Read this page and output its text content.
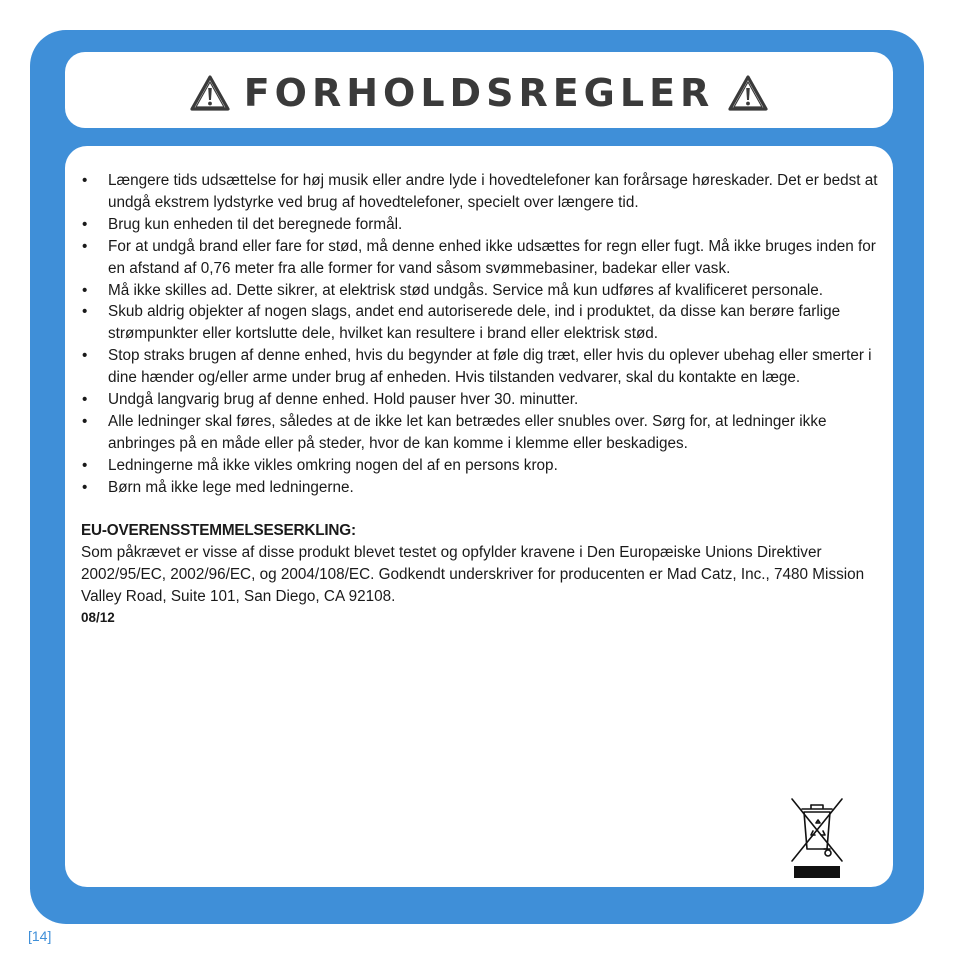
FORHOLDSREGLER
• Længere tids udsættelse for høj musik eller andre lyde i hovedtelefoner kan forårsage høreskader. Det er bedst at undgå ekstrem lydstyrke ved brug af hovedtelefoner, specielt over længere tid.
• Brug kun enheden til det beregnede formål.
• For at undgå brand eller fare for stød, må denne enhed ikke udsættes for regn eller fugt. Må ikke bruges inden for en afstand af 0,76 meter fra alle former for vand såsom svømmebasiner, badekar eller vask.
• Må ikke skilles ad. Dette sikrer, at elektrisk stød undgås. Service må kun udføres af kvalificeret personale.
• Skub aldrig objekter af nogen slags, andet end autoriserede dele, ind i produktet, da disse kan berøre farlige strømpunkter eller kortslutte dele, hvilket kan resultere i brand eller elektrisk stød.
• Stop straks brugen af denne enhed, hvis du begynder at føle dig træt, eller hvis du oplever ubehag eller smerter i dine hænder og/eller arme under brug af enheden. Hvis tilstanden vedvarer, skal du kontakte en læge.
• Undgå langvarig brug af denne enhed. Hold pauser hver 30. minutter.
• Alle ledninger skal føres, således at de ikke let kan betrædes eller snubles over. Sørg for, at ledninger ikke anbringes på en måde eller på steder, hvor de kan komme i klemme eller beskadiges.
• Ledningerne må ikke vikles omkring nogen del af en persons krop.
• Børn må ikke lege med ledningerne.
EU-OVERENSSTEMMELSESERKLING:
Som påkrævet er visse af disse produkt blevet testet og opfylder kravene i Den Europæiske Unions Direktiver 2002/95/EC, 2002/96/EC, og 2004/108/EC. Godkendt underskriver for producenten er Mad Catz, Inc., 7480 Mission Valley Road, Suite 101, San Diego, CA 92108.
08/12
[14]
